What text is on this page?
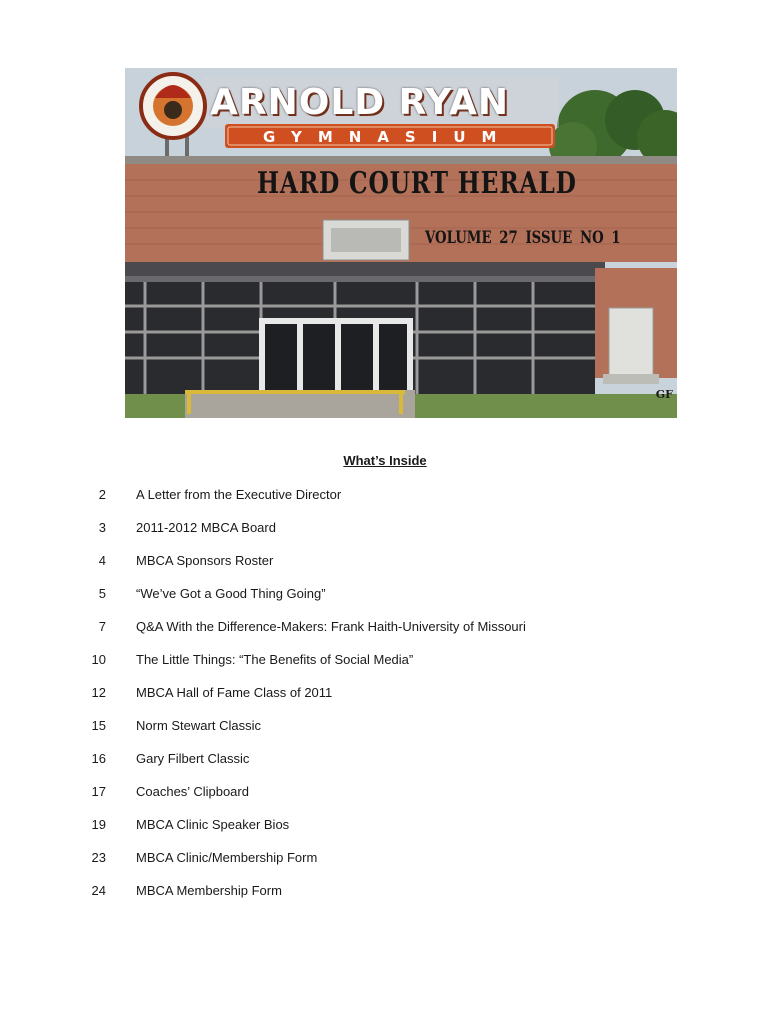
ARNOLD RYAN
GYMNASIUM
HARD COURT HERALD
VOLUME 27 ISSUE NO 1
GF
What’s Inside
2 A Letter from the Executive Director
3 2011-2012 MBCA Board
4 MBCA Sponsors Roster
5 “We’ve Got a Good Thing Going”
7 Q&A With the Difference-Makers: Frank Haith-University of Missouri
10 The Little Things: “The Benefits of Social Media”
12 MBCA Hall of Fame Class of 2011
15 Norm Stewart Classic
16 Gary Filbert Classic
17 Coaches’ Clipboard
19 MBCA Clinic Speaker Bios
23 MBCA Clinic/Membership Form
24 MBCA Membership Form
